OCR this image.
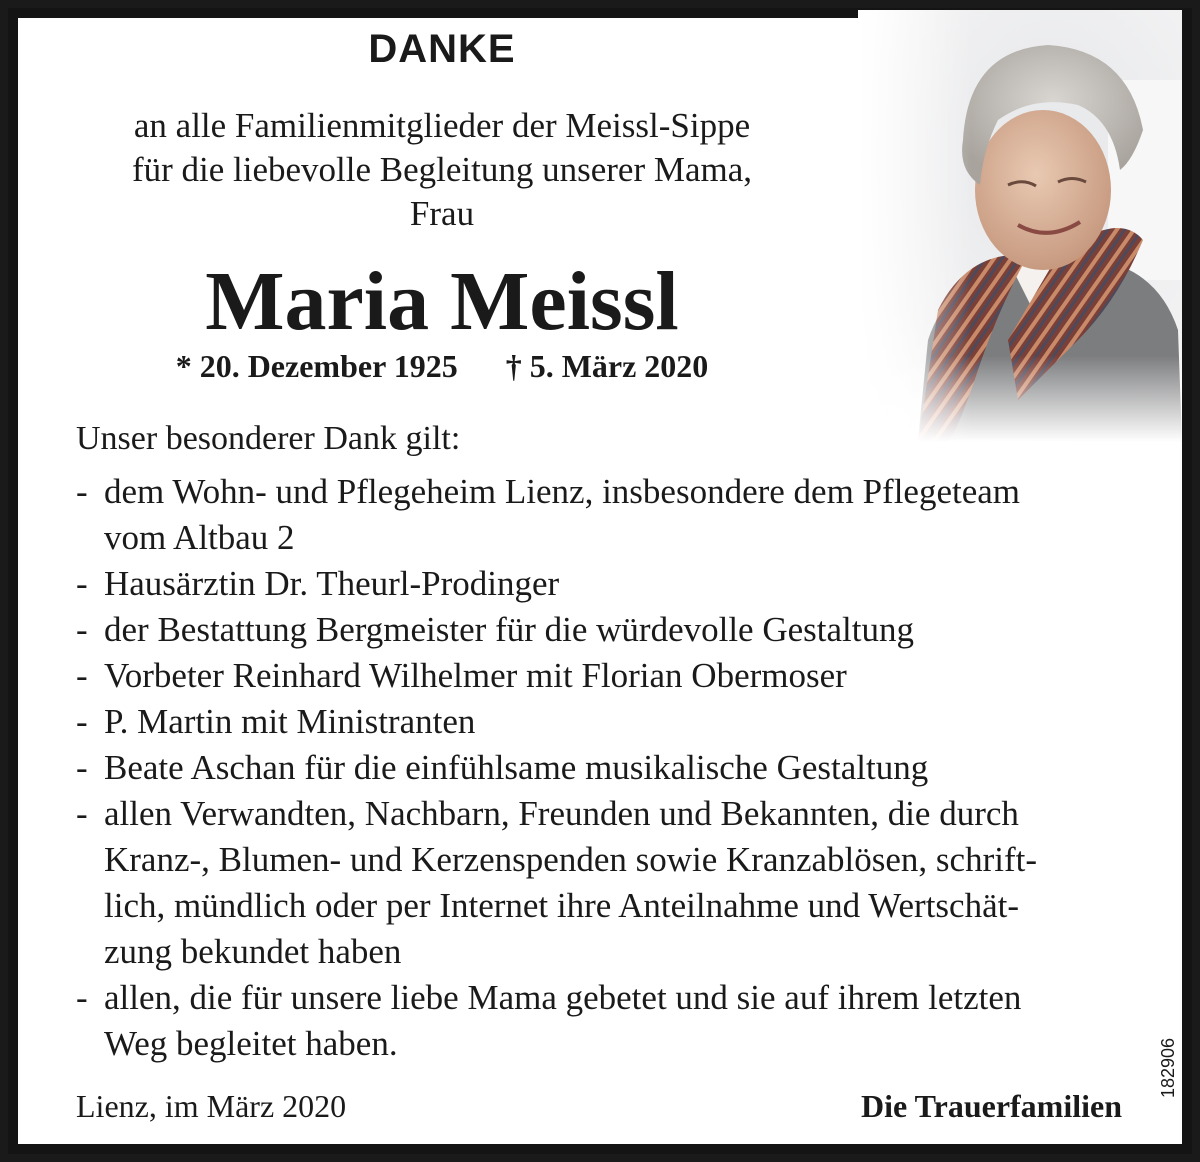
DANKE
an alle Familienmitglieder der Meissl-Sippe
für die liebevolle Begleitung unserer Mama,
Frau
Maria Meissl
* 20. Dezember 1925 † 5. März 2020
Unser besonderer Dank gilt:
- dem Wohn- und Pflegeheim Lienz, insbesondere dem Pflegeteam
vom Altbau 2
- Hausärztin Dr. Theurl-Prodinger
- der Bestattung Bergmeister für die würdevolle Gestaltung
- Vorbeter Reinhard Wilhelmer mit Florian Obermoser
- P. Martin mit Ministranten
- Beate Aschan für die einfühlsame musikalische Gestaltung
- allen Verwandten, Nachbarn, Freunden und Bekannten, die durch
Kranz-, Blumen- und Kerzenspenden sowie Kranzablösen, schrift-
lich, mündlich oder per Internet ihre Anteilnahme und Wertschät-
zung bekundet haben
- allen, die für unsere liebe Mama gebetet und sie auf ihrem letzten
Weg begleitet haben.
Lienz, im März 2020	Die Trauerfamilien
182906
